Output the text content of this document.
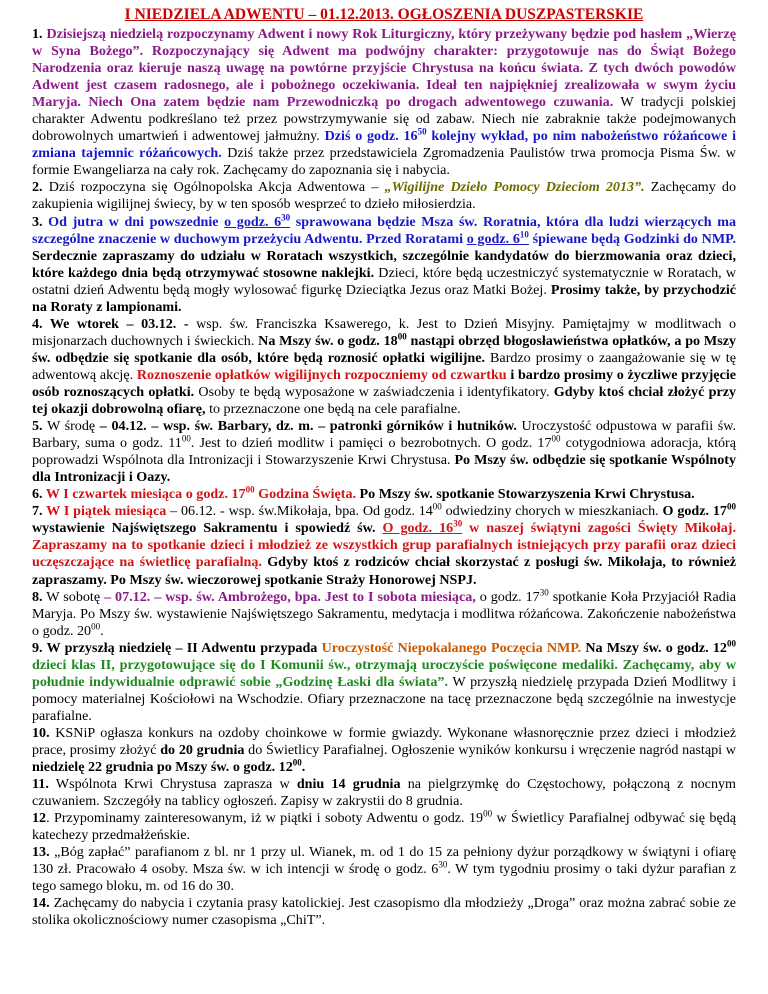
I NIEDZIELA ADWENTU – 01.12.2013. OGŁOSZENIA DUSZPASTERSKIE

1. Dzisiejszą niedzielą rozpoczynamy Adwent i nowy Rok Liturgiczny, który przeżywany będzie pod hasłem „Wierzę w Syna Bożego”. Rozpoczynający się Adwent ma podwójny charakter: przygotowuje nas do Świąt Bożego Narodzenia oraz kieruje naszą uwagę na powtórne przyjście Chrystusa na końcu świata. Z tych dwóch powodów Adwent jest czasem radosnego, ale i pobożnego oczekiwania. Ideał ten najpiękniej zrealizowała w swym życiu Maryja. Niech Ona zatem będzie nam Przewodniczką po drogach adwentowego czuwania. W tradycji polskiej charakter Adwentu podkreślano też przez powstrzymywanie się od zabaw. Niech nie zabraknie także podejmowanych dobrowolnych umartwień i adwentowej jałmużny. Dziś o godz. $16^{50}$ kolejny wykład, po nim nabożeństwo różańcowe i zmiana tajemnic różańcowych. Dziś także przez przedstawiciela Zgromadzenia Paulistów trwa promocja Pisma Św. w formie Ewangeliarza na cały rok. Zachęcamy do zapoznania się i nabycia.

2. Dziś rozpoczyna się Ogólnopolska Akcja Adwentowa – „Wigilijne Dzieło Pomocy Dzieciom 2013”. Zachęcamy do zakupienia wigilijnej świecy, by w ten sposób wesprzeć to dzieło miłosierdzia.

3. Od jutra w dni powszednie o godz. $6^{30}$ sprawowana będzie Msza św. Roratnia, która dla ludzi wierzących ma szczególne znaczenie w duchowym przeżyciu Adwentu. Przed Roratami o godz. $6^{10}$ śpiewane będą Godzinki do NMP. Serdecznie zapraszamy do udziału w Roratach wszystkich, szczególnie kandydatów do bierzmowania oraz dzieci, które każdego dnia będą otrzymywać stosowne naklejki. Dzieci, które będą uczestniczyć systematycznie w Roratach, w ostatni dzień Adwentu będą mogły wylosować figurkę Dzieciątka Jezus oraz Matki Bożej. Prosimy także, by przychodzić na Roraty z lampionami.

4. We wtorek – 03.12. - wsp. św. Franciszka Ksawerego, k. Jest to Dzień Misyjny. Pamiętajmy w modlitwach o misjonarzach duchownych i świeckich. Na Mszy św. o godz. $18^{00}$ nastąpi obrzęd błogosławieństwa opłatków, a po Mszy św. odbędzie się spotkanie dla osób, które będą roznosić opłatki wigilijne. Bardzo prosimy o zaangażowanie się w tę adwentową akcję. Roznoszenie opłatków wigilijnych rozpoczniemy od czwartku i bardzo prosimy o życzliwe przyjęcie osób roznoszących opłatki. Osoby te będą wyposażone w zaświadczenia i identyfikatory. Gdyby ktoś chciał złożyć przy tej okazji dobrowolną ofiarę, to przeznaczone one będą na cele parafialne.

5. W środę – 04.12. – wsp. św. Barbary, dz. m. – patronki górników i hutników. Uroczystość odpustowa w parafii św. Barbary, suma o godz. $11^{00}$. Jest to dzień modlitw i pamięci o bezrobotnych. O godz. $17^{00}$ cotygodniowa adoracja, którą poprowadzi Wspólnota dla Intronizacji i Stowarzyszenie Krwi Chrystusa. Po Mszy św. odbędzie się spotkanie Wspólnoty dla Intronizacji i Oazy.

6. W I czwartek miesiąca o godz. $17^{00}$ Godzina Święta. Po Mszy św. spotkanie Stowarzyszenia Krwi Chrystusa.

7. W I piątek miesiąca – 06.12. - wsp. św.Mikołaja, bpa. Od godz. $14^{00}$ odwiedziny chorych w mieszkaniach. O godz. $17^{00}$ wystawienie Najświętszego Sakramentu i spowiedź św. O godz. $16^{30}$ w naszej świątyni zagości Święty Mikołaj. Zapraszamy na to spotkanie dzieci i młodzież ze wszystkich grup parafialnych istniejących przy parafii oraz dzieci uczęszczające na świetlicę parafialną. Gdyby ktoś z rodziców chciał skorzystać z posługi św. Mikołaja, to również zapraszamy. Po Mszy św. wieczorowej spotkanie Straży Honorowej NSPJ.

8. W sobotę – 07.12. – wsp. św. Ambrożego, bpa. Jest to I sobota miesiąca, o godz. $17^{30}$ spotkanie Koła Przyjaciół Radia Maryja. Po Mszy św. wystawienie Najświętszego Sakramentu, medytacja i modlitwa różańcowa. Zakończenie nabożeństwa o godz. $20^{00}$.

9. W przyszłą niedzielę – II Adwentu przypada Uroczystość Niepokalanego Poczęcia NMP. Na Mszy św. o godz. $12^{00}$ dzieci klas II, przygotowujące się do I Komunii św., otrzymają uroczyście poświęcone medaliki. Zachęcamy, aby w południe indywidualnie odprawić sobie „Godzinę Łaski dla świata”. W przyszłą niedzielę przypada Dzień Modlitwy i pomocy materialnej Kościołowi na Wschodzie. Ofiary przeznaczone na tacę przeznaczone będą szczególnie na inwestycje parafialne.

10. KSNiP ogłasza konkurs na ozdoby choinkowe w formie gwiazdy. Wykonane własnoręcznie przez dzieci i młodzież prace, prosimy złożyć do 20 grudnia do Świetlicy Parafialnej. Ogłoszenie wyników konkursu i wręczenie nagród nastąpi w niedzielę 22 grudnia po Mszy św. o godz. $12^{00}$.

11. Wspólnota Krwi Chrystusa zaprasza w dniu 14 grudnia na pielgrzymkę do Częstochowy, połączoną z nocnym czuwaniem. Szczegóły na tablicy ogłoszeń. Zapisy w zakrystii do 8 grudnia.

12. Przypominamy zainteresowanym, iż w piątki i soboty Adwentu o godz. $19^{00}$ w Świetlicy Parafialnej odbywać się będą katechezy przedmałżeńskie.

13. „Bóg zapłać” parafianom z bl. nr 1 przy ul. Wianek, m. od 1 do 15 za pełniony dyżur porządkowy w świątyni i ofiarę 130 zł. Pracowało 4 osoby. Msza św. w ich intencji w środę o godz. $6^{30}$. W tym tygodniu prosimy o taki dyżur parafian z tego samego bloku, m. od 16 do 30.

14. Zachęcamy do nabycia i czytania prasy katolickiej. Jest czasopismo dla młodzieży „Droga” oraz można zabrać sobie ze stolika okolicznościowy numer czasopisma „ChiT”.
